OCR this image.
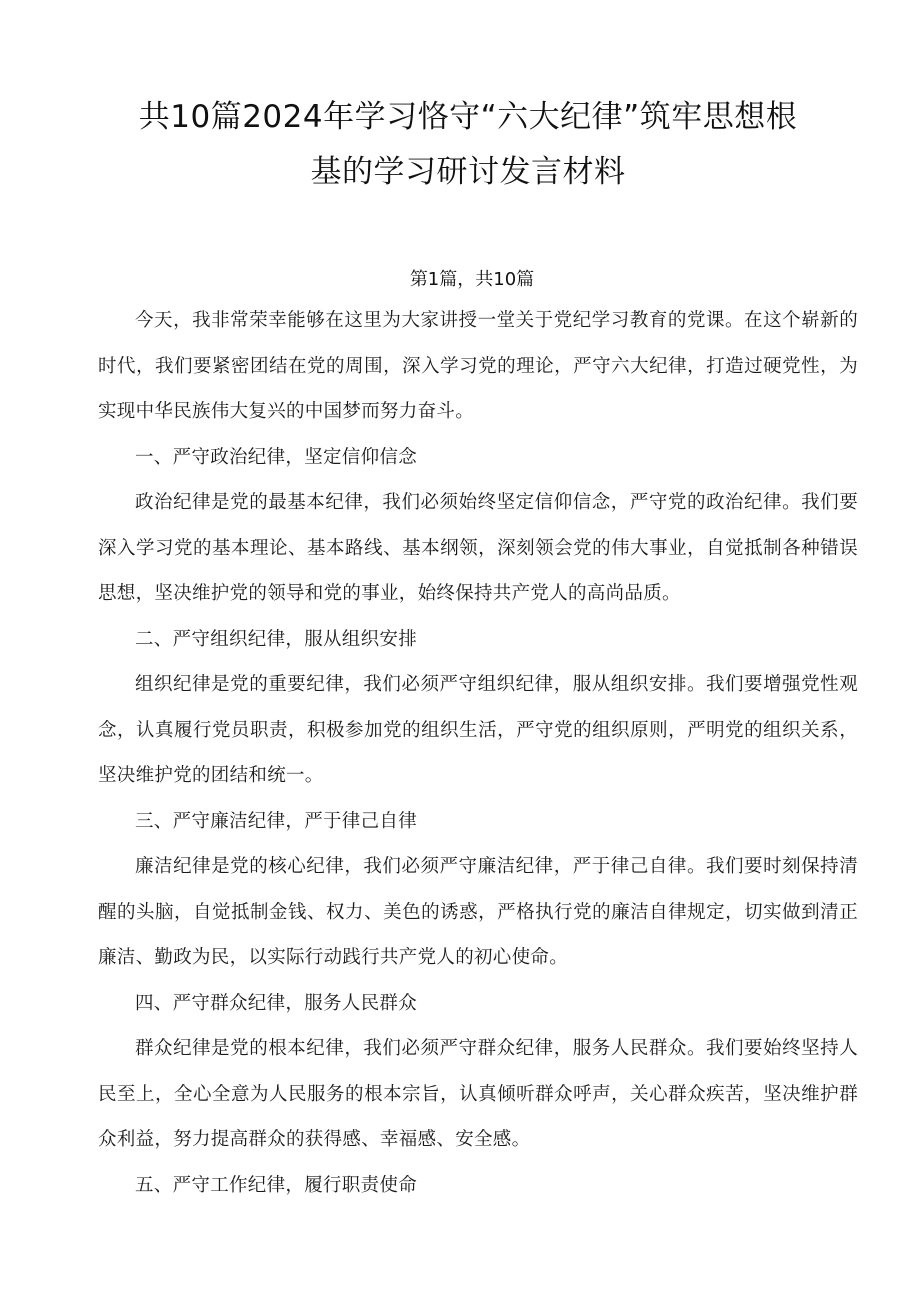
共10篇2024年学习恪守“六大纪律”筑牢思想根
基的学习研讨发言材料
第1篇，共10篇

今天，我非常荣幸能够在这里为大家讲授一堂关于党纪学习教育的党课。在这个崭新的时代，我们要紧密团结在党的周围，深入学习党的理论，严守六大纪律，打造过硬党性，为实现中华民族伟大复兴的中国梦而努力奋斗。

一、严守政治纪律，坚定信仰信念

政治纪律是党的最基本纪律，我们必须始终坚定信仰信念，严守党的政治纪律。我们要深入学习党的基本理论、基本路线、基本纲领，深刻领会党的伟大事业，自觉抵制各种错误思想，坚决维护党的领导和党的事业，始终保持共产党人的高尚品质。

二、严守组织纪律，服从组织安排

组织纪律是党的重要纪律，我们必须严守组织纪律，服从组织安排。我们要增强党性观念，认真履行党员职责，积极参加党的组织生活，严守党的组织原则，严明党的组织关系，坚决维护党的团结和统一。

三、严守廉洁纪律，严于律己自律

廉洁纪律是党的核心纪律，我们必须严守廉洁纪律，严于律己自律。我们要时刻保持清醒的头脑，自觉抵制金钱、权力、美色的诱惑，严格执行党的廉洁自律规定，切实做到清正廉洁、勤政为民，以实际行动践行共产党人的初心使命。

四、严守群众纪律，服务人民群众

群众纪律是党的根本纪律，我们必须严守群众纪律，服务人民群众。我们要始终坚持人民至上，全心全意为人民服务的根本宗旨，认真倾听群众呼声，关心群众疾苦，坚决维护群众利益，努力提高群众的获得感、幸福感、安全感。

五、严守工作纪律，履行职责使命
